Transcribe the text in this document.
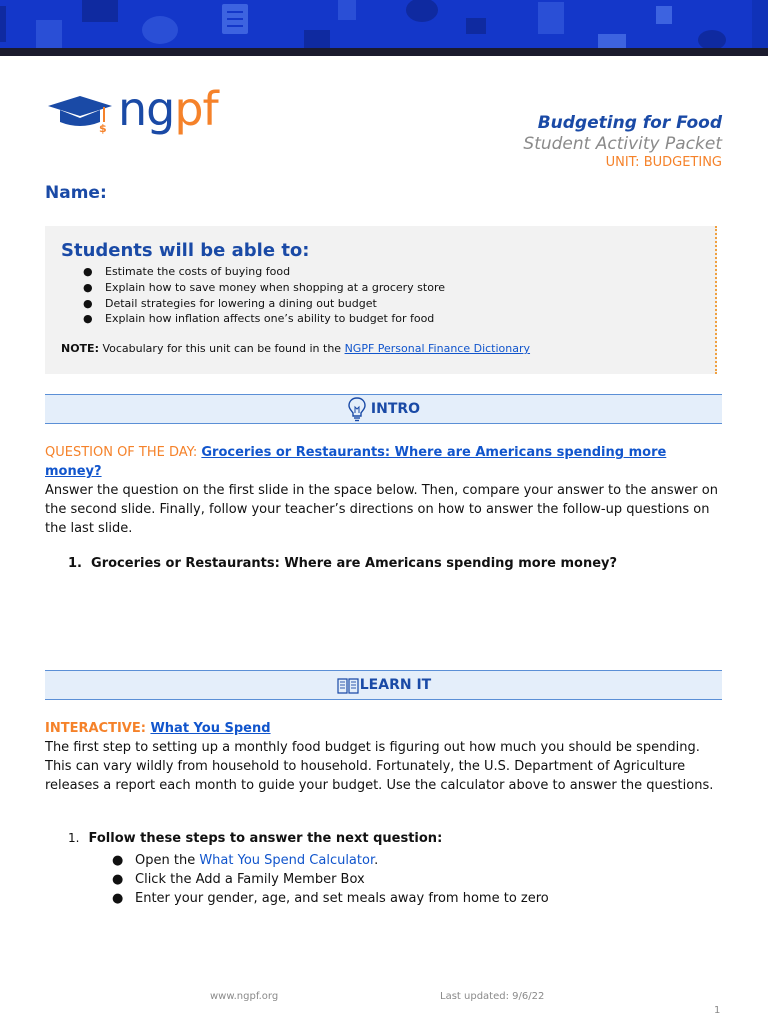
$ ngpf	Budgeting for Food
Student Activity Packet
UNIT: BUDGETING
Name:
Students will be able to:
● Estimate the costs of buying food
● Explain how to save money when shopping at a grocery store
● Detail strategies for lowering a dining out budget
● Explain how inflation affects one’s ability to budget for food
NOTE: Vocabulary for this unit can be found in the NGPF Personal Finance Dictionary
INTRO
QUESTION OF THE DAY: Groceries or Restaurants: Where are Americans spending more money?
Answer the question on the first slide in the space below. Then, compare your answer to the answer on the second slide. Finally, follow your teacher’s directions on how to answer the follow-up questions on the last slide.
1. Groceries or Restaurants: Where are Americans spending more money?
LEARN IT
INTERACTIVE: What You Spend
The first step to setting up a monthly food budget is figuring out how much you should be spending. This can vary wildly from household to household. Fortunately, the U.S. Department of Agriculture releases a report each month to guide your budget. Use the calculator above to answer the questions.
1. Follow these steps to answer the next question:
● Open the What You Spend Calculator.
● Click the Add a Family Member Box
● Enter your gender, age, and set meals away from home to zero
www.ngpf.org	Last updated: 9/6/22
1
